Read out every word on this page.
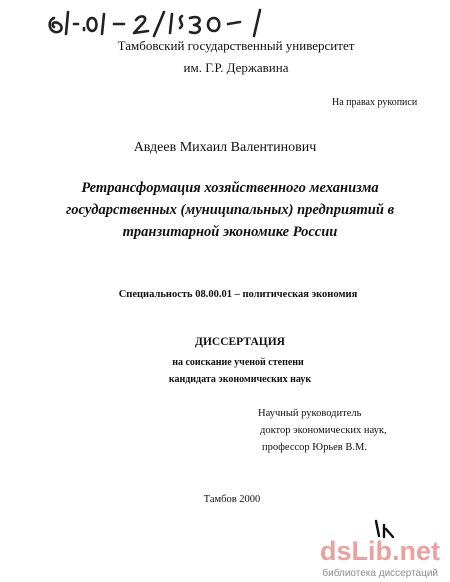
Тамбовский государственный университет
им. Г.Р. Державина
На правах рукописи
Авдеев Михаил Валентинович
Ретрансформация хозяйственного механизма
государственных (муниципальных) предприятий в
транзитарной экономике России
Специальность 08.00.01 – политическая экономия
ДИССЕРТАЦИЯ
на соискание ученой степени
кандидата экономических наук
Научный руководитель
доктор экономических наук,
профессор Юрьев В.М.
Тамбов 2000
dsLib.net
библиотека диссертаций
